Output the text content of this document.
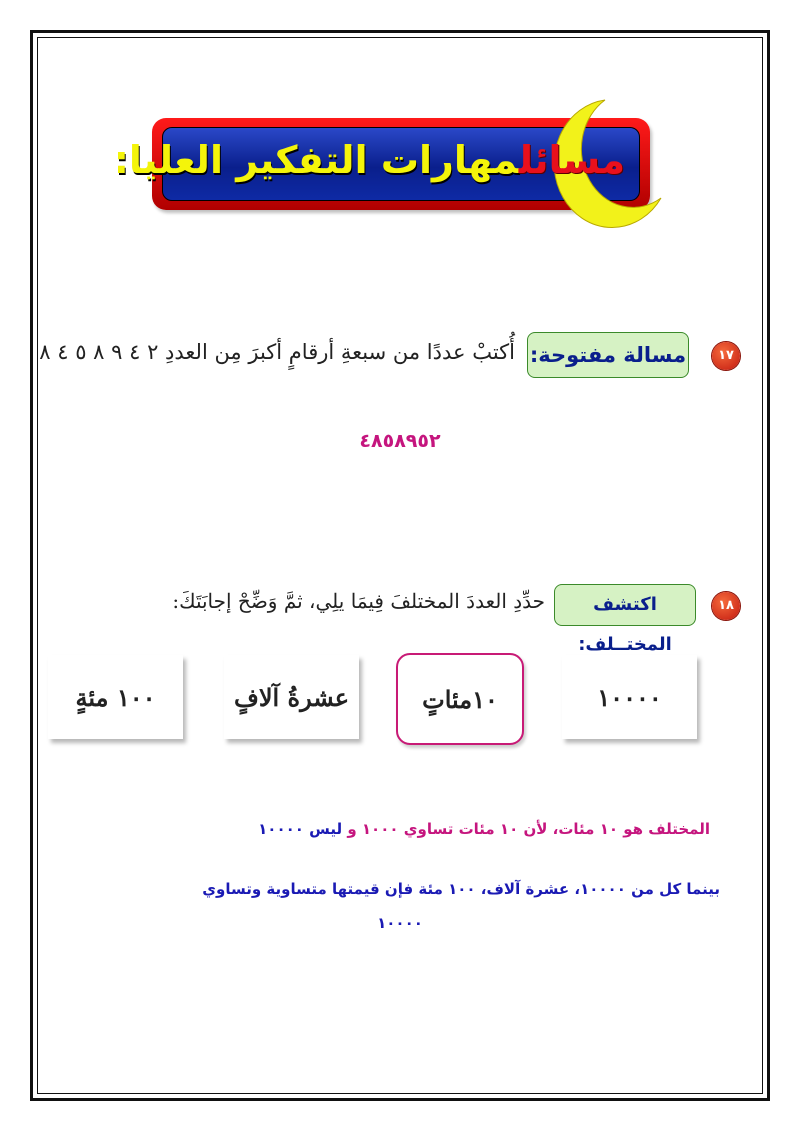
مسائلمهارات التفكير العليا:
١٧
مسالة مفتوحة:
أُكتبْ عددًا من سبعةِ أرقامٍ أكبرَ مِن العددِ ٢ ٤ ٩ ٨ ٥ ٤ ٨
٤٨٥٨٩٥٢
١٨
اكتشف المختــلف:
حدِّدِ العددَ المختلفَ فِيمَا يلِي، ثمَّ وَضِّحْ إجابَتَكَ:
١٠٠٠٠
١٠مئاتٍ
عشرةُ آلافٍ
١٠٠ مئةٍ
المختلف هو ١٠ مئات، لأن ١٠ مئات تساوي ١٠٠٠ و ليس ١٠٠٠٠
بينما كل من ١٠٠٠٠، عشرة آلاف، ١٠٠ مئة فإن قيمتها متساوية وتساوي
١٠٠٠٠
